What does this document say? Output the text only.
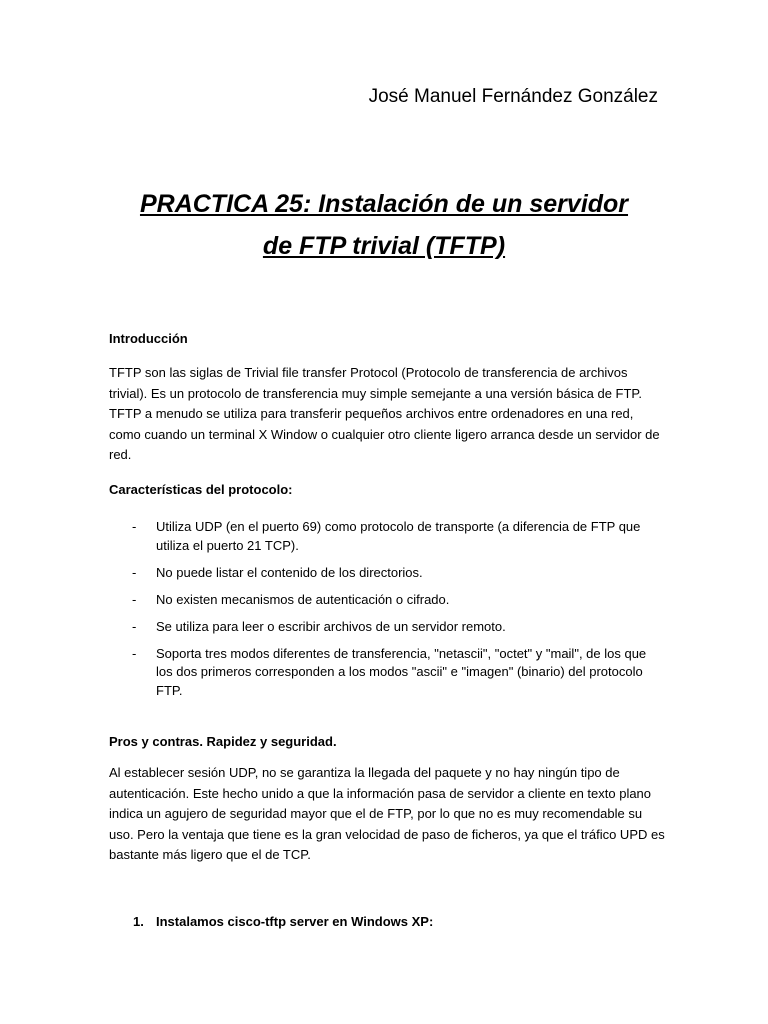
José Manuel Fernández González
PRACTICA 25: Instalación de un servidor
de FTP trivial (TFTP)
Introducción

TFTP son las siglas de Trivial file transfer Protocol (Protocolo de transferencia de archivos trivial). Es un protocolo de transferencia muy simple semejante a una versión básica de FTP. TFTP a menudo se utiliza para transferir pequeños archivos entre ordenadores en una red, como cuando un terminal X Window o cualquier otro cliente ligero arranca desde un servidor de red.

Características del protocolo:
- Utiliza UDP (en el puerto 69) como protocolo de transporte (a diferencia de FTP que utiliza el puerto 21 TCP).
- No puede listar el contenido de los directorios.
- No existen mecanismos de autenticación o cifrado.
- Se utiliza para leer o escribir archivos de un servidor remoto.
- Soporta tres modos diferentes de transferencia, "netascii", "octet" y "mail", de los que los dos primeros corresponden a los modos "ascii" e "imagen" (binario) del protocolo FTP.
Pros y contras. Rapidez y seguridad.

Al establecer sesión UDP, no se garantiza la llegada del paquete y no hay ningún tipo de autenticación. Este hecho unido a que la información pasa de servidor a cliente en texto plano indica un agujero de seguridad mayor que el de FTP, por lo que no es muy recomendable su uso. Pero la ventaja que tiene es la gran velocidad de paso de ficheros, ya que el tráfico UPD es bastante más ligero que el de TCP.

1. Instalamos cisco-tftp server en Windows XP:
